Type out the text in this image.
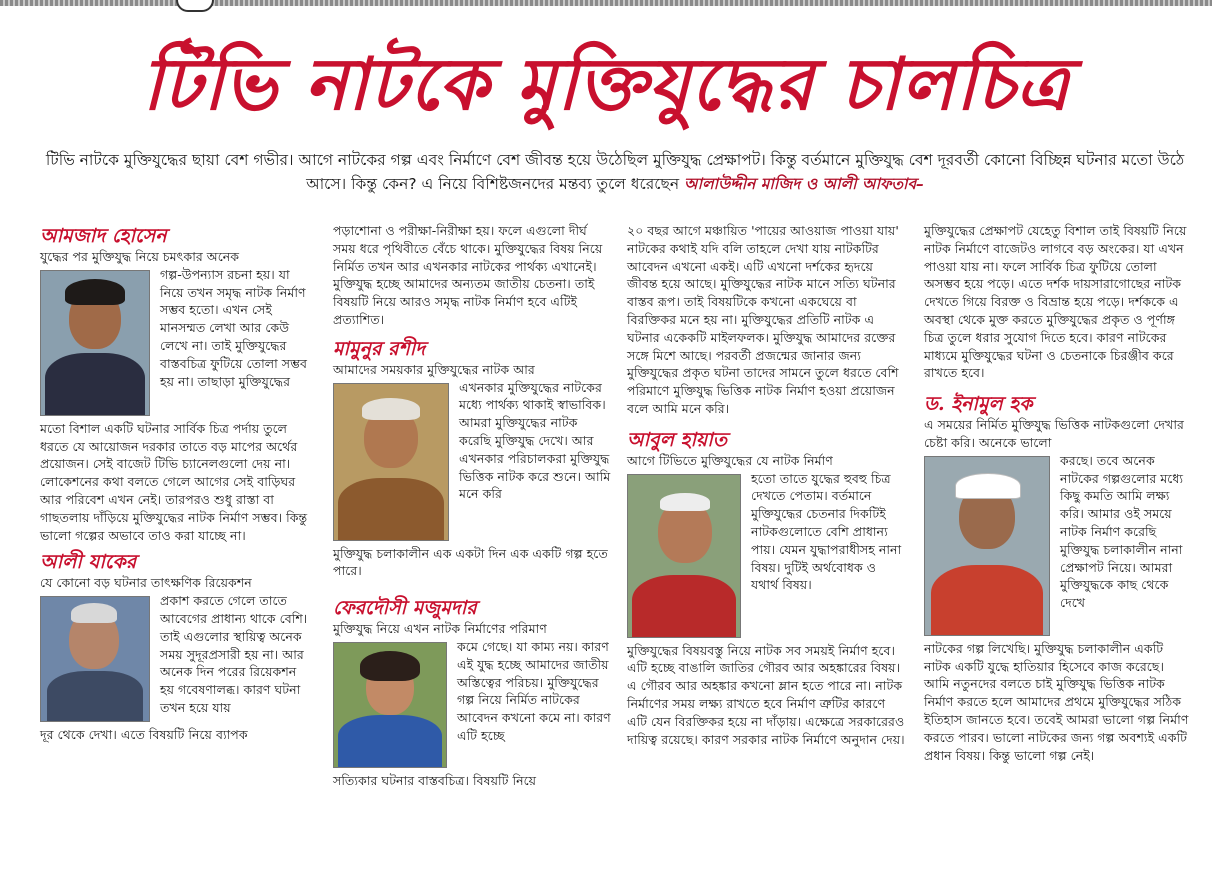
টিভি নাটকে মুক্তিযুদ্ধের চালচিত্র
টিভি নাটকে মুক্তিযুদ্ধের ছায়া বেশ গভীর। আগে নাটকের গল্প এবং নির্মাণে বেশ জীবন্ত হয়ে উঠেছিল মুক্তিযুদ্ধ প্রেক্ষাপট। কিন্তু বর্তমানে মুক্তিযুদ্ধ বেশ দূরবর্তী কোনো বিচ্ছিন্ন ঘটনার মতো উঠে আসে। কিন্তু কেন? এ নিয়ে বিশিষ্টজনদের মন্তব্য তুলে ধরেছেন আলাউদ্দীন মাজিদ ও আলী আফতাব–
আমজাদ হোসেন

যুদ্ধের পর মুক্তিযুদ্ধ নিয়ে চমৎকার অনেক

গল্প-উপন্যাস রচনা হয়। যা নিয়ে তখন সমৃদ্ধ নাটক নির্মাণ সম্ভব হতো। এখন সেই মানসম্মত লেখা আর কেউ লেখে না। তাই মুক্তিযুদ্ধের বাস্তবচিত্র ফুটিয়ে তোলা সম্ভব হয় না। তাছাড়া মুক্তিযুদ্ধের

মতো বিশাল একটি ঘটনার সার্বিক চিত্র পর্দায় তুলে ধরতে যে আয়োজন দরকার তাতে বড় মাপের অর্থের প্রয়োজন। সেই বাজেট টিভি চ্যানেলগুলো দেয় না। লোকেশনের কথা বলতে গেলে আগের সেই বাড়িঘর আর পরিবেশ এখন নেই। তারপরও শুধু রাস্তা বা গাছতলায় দাঁড়িয়ে মুক্তিযুদ্ধের নাটক নির্মাণ সম্ভব। কিন্তু ভালো গল্পের অভাবে তাও করা যাচ্ছে না।

আলী যাকের

যে কোনো বড় ঘটনার তাৎক্ষণিক রিয়েকশন

প্রকাশ করতে গেলে তাতে আবেগের প্রাধান্য থাকে বেশি। তাই এগুলোর স্থায়িত্ব অনেক সময় সুদূরপ্রসারী হয় না। আর অনেক দিন পরের রিয়েকশন হয় গবেষণালব্ধ। কারণ ঘটনা তখন হয়ে যায়

দূর থেকে দেখা। এতে বিষয়টি নিয়ে ব্যাপক

পড়াশোনা ও পরীক্ষা-নিরীক্ষা হয়। ফলে এগুলো দীর্ঘ সময় ধরে পৃথিবীতে বেঁচে থাকে। মুক্তিযুদ্ধের বিষয় নিয়ে নির্মিত তখন আর এখনকার নাটকের পার্থক্য এখানেই। মুক্তিযুদ্ধ হচ্ছে আমাদের অন্যতম জাতীয় চেতনা। তাই বিষয়টি নিয়ে আরও সমৃদ্ধ নাটক নির্মাণ হবে এটিই প্রত্যাশিত।

মামুনুর রশীদ

আমাদের সময়কার মুক্তিযুদ্ধের নাটক আর

এখনকার মুক্তিযুদ্ধের নাটকের মধ্যে পার্থক্য থাকাই স্বাভাবিক। আমরা মুক্তিযুদ্ধের নাটক করেছি মুক্তিযুদ্ধ দেখে। আর এখনকার পরিচালকরা মুক্তিযুদ্ধ ভিত্তিক নাটক করে শুনে। আমি মনে করি

মুক্তিযুদ্ধ চলাকালীন এক একটা দিন এক একটি গল্প হতে পারে।

ফেরদৌসী মজুমদার

মুক্তিযুদ্ধ নিয়ে এখন নাটক নির্মাণের পরিমাণ

কমে গেছে। যা কাম্য নয়। কারণ এই যুদ্ধ হচ্ছে আমাদের জাতীয় অস্তিত্বের পরিচয়। মুক্তিযুদ্ধের গল্প নিয়ে নির্মিত নাটকের আবেদন কখনো কমে না। কারণ এটি হচ্ছে

সত্যিকার ঘটনার বাস্তবচিত্র। বিষয়টি নিয়ে

২০ বছর আগে মঞ্চায়িত 'পায়ের আওয়াজ পাওয়া যায়' নাটকের কথাই যদি বলি তাহলে দেখা যায় নাটকটির আবেদন এখনো একই। এটি এখনো দর্শকের হৃদয়ে জীবন্ত হয়ে আছে। মুক্তিযুদ্ধের নাটক মানে সত্যি ঘটনার বাস্তব রূপ। তাই বিষয়টিকে কখনো একঘেয়ে বা বিরক্তিকর মনে হয় না। মুক্তিযুদ্ধের প্রতিটি নাটক এ ঘটনার একেকটি মাইলফলক। মুক্তিযুদ্ধ আমাদের রক্তের সঙ্গে মিশে আছে। পরবর্তী প্রজন্মের জানার জন্য মুক্তিযুদ্ধের প্রকৃত ঘটনা তাদের সামনে তুলে ধরতে বেশি পরিমাণে মুক্তিযুদ্ধ ভিত্তিক নাটক নির্মাণ হওয়া প্রয়োজন বলে আমি মনে করি।

আবুল হায়াত

আগে টিভিতে মুক্তিযুদ্ধের যে নাটক নির্মাণ

হতো তাতে যুদ্ধের হুবহু চিত্র দেখতে পেতাম। বর্তমানে মুক্তিযুদ্ধের চেতনার দিকটিই নাটকগুলোতে বেশি প্রাধান্য পায়। যেমন যুদ্ধাপরাধীসহ নানা বিষয়। দুটিই অর্থবোধক ও যথার্থ বিষয়।

মুক্তিযুদ্ধের বিষয়বস্তু নিয়ে নাটক সব সময়ই নির্মাণ হবে। এটি হচ্ছে বাঙালি জাতির গৌরব আর অহঙ্কারের বিষয়। এ গৌরব আর অহঙ্কার কখনো ম্লান হতে পারে না। নাটক নির্মাণের সময় লক্ষ্য রাখতে হবে নির্মাণ ত্রুটির কারণে এটি যেন বিরক্তিকর হয়ে না দাঁড়ায়। এক্ষেত্রে সরকারেরও দায়িত্ব রয়েছে। কারণ সরকার নাটক নির্মাণে অনুদান দেয়।

মুক্তিযুদ্ধের প্রেক্ষাপট যেহেতু বিশাল তাই বিষয়টি নিয়ে নাটক নির্মাণে বাজেটও লাগবে বড় অংকের। যা এখন পাওয়া যায় না। ফলে সার্বিক চিত্র ফুটিয়ে তোলা অসম্ভব হয়ে পড়ে। এতে দর্শক দায়সারাগোছের নাটক দেখতে গিয়ে বিরক্ত ও বিভ্রান্ত হয়ে পড়ে। দর্শককে এ অবস্থা থেকে মুক্ত করতে মুক্তিযুদ্ধের প্রকৃত ও পূর্ণাঙ্গ চিত্র তুলে ধরার সুযোগ দিতে হবে। কারণ নাটকের মাধ্যমে মুক্তিযুদ্ধের ঘটনা ও চেতনাকে চিরঞ্জীব করে রাখতে হবে।

ড. ইনামুল হক

এ সময়ের নির্মিত মুক্তিযুদ্ধ ভিত্তিক নাটকগুলো দেখার চেষ্টা করি। অনেকে ভালো

করছে। তবে অনেক নাটকের গল্পগুলোর মধ্যে কিছু কমতি আমি লক্ষ্য করি। আমার ওই সময়ে নাটক নির্মাণ করেছি মুক্তিযুদ্ধ চলাকালীন নানা প্রেক্ষাপট নিয়ে। আমরা মুক্তিযুদ্ধকে কাছ থেকে দেখে

নাটকের গল্প লিখেছি। মুক্তিযুদ্ধ চলাকালীন একটি নাটক একটি যুদ্ধে হাতিয়ার হিসেবে কাজ করেছে। আমি নতুনদের বলতে চাই মুক্তিযুদ্ধ ভিত্তিক নাটক নির্মাণ করতে হলে আমাদের প্রথমে মুক্তিযুদ্ধের সঠিক ইতিহাস জানতে হবে। তবেই আমরা ভালো গল্প নির্মাণ করতে পারব। ভালো নাটকের জন্য গল্প অবশ্যই একটি প্রধান বিষয়। কিন্তু ভালো গল্প নেই।
